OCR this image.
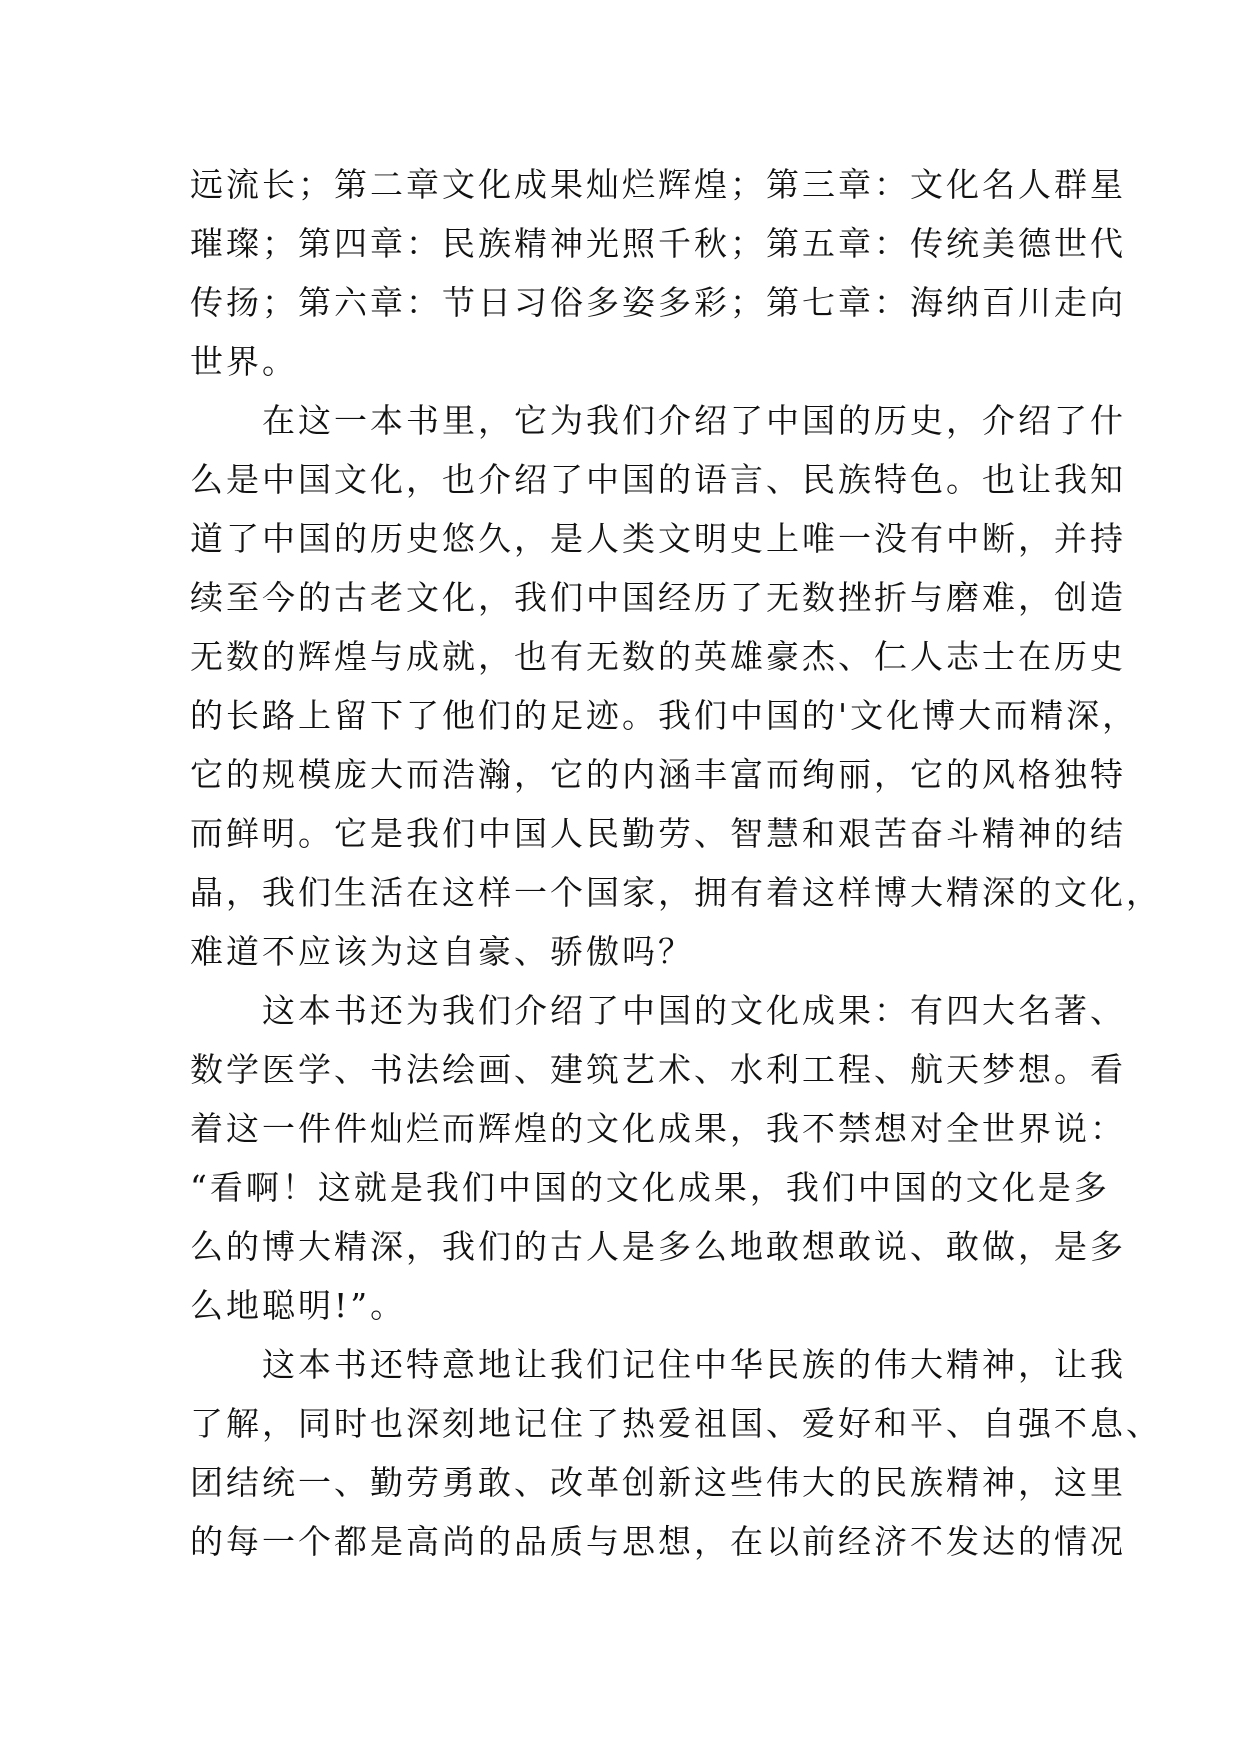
远流长；第二章文化成果灿烂辉煌；第三章：文化名人群星
璀璨；第四章：民族精神光照千秋；第五章：传统美德世代
传扬；第六章：节日习俗多姿多彩；第七章：海纳百川走向
世界。
　　在这一本书里，它为我们介绍了中国的历史，介绍了什
么是中国文化，也介绍了中国的语言、民族特色。也让我知
道了中国的历史悠久，是人类文明史上唯一没有中断，并持
续至今的古老文化，我们中国经历了无数挫折与磨难，创造
无数的辉煌与成就，也有无数的英雄豪杰、仁人志士在历史
的长路上留下了他们的足迹。我们中国的'文化博大而精深，
它的规模庞大而浩瀚，它的内涵丰富而绚丽，它的风格独特
而鲜明。它是我们中国人民勤劳、智慧和艰苦奋斗精神的结
晶，我们生活在这样一个国家，拥有着这样博大精深的文化，
难道不应该为这自豪、骄傲吗？
　　这本书还为我们介绍了中国的文化成果：有四大名著、
数学医学、书法绘画、建筑艺术、水利工程、航天梦想。看
着这一件件灿烂而辉煌的文化成果，我不禁想对全世界说：
“看啊！这就是我们中国的文化成果，我们中国的文化是多
么的博大精深，我们的古人是多么地敢想敢说、敢做，是多
么地聪明!”。
　　这本书还特意地让我们记住中华民族的伟大精神，让我
了解，同时也深刻地记住了热爱祖国、爱好和平、自强不息、
团结统一、勤劳勇敢、改革创新这些伟大的民族精神，这里
的每一个都是高尚的品质与思想，在以前经济不发达的情况
